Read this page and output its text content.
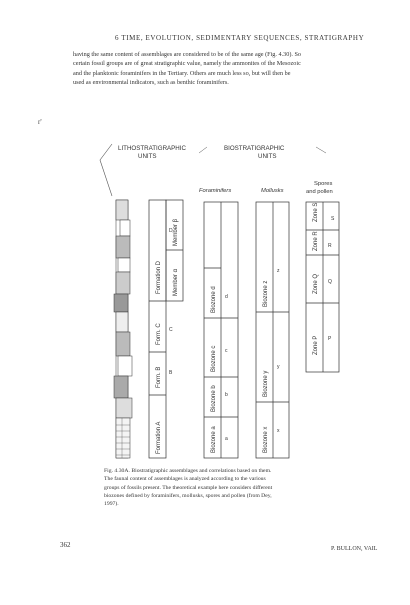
6 TIME, EVOLUTION, SEDIMENTARY SEQUENCES, STRATIGRAPHY
having the same content of assemblages are considered to be of the same age (Fig. 4.30). So
certain fossil groups are of great stratigraphic value, namely the ammonites of the Mesozoic
and the planktonic foraminifers in the Tertiary. Others are much less so, but will then be
used as environmental indicators, such as benthic foraminifers.
r'
LITHOSTRATIGRAPHIC
UNITS
BIOSTRATIGRAPHIC
UNITS
Foraminifers	Mollusks
Spores
and pollen
Formation A
Form. B B
Form. C C
Formation D
D
Member α
Member β
Biozone a a
Biozone b b
Biozone c c
Biozone d d
Biozone x x
Biozone y
y
Biozone z
z
Zone P P
Zone Q Q
Zone R R
Zone S S
Fig. 4.30A. Biostratigraphic assemblages and correlations based on them.
The faunal content of assemblages is analyzed according to the various
groups of fossils present. The theoretical example here considers different
biozones defined by foraminifers, mollusks, spores and pollen (from Dey,
1997).
362	P. BULLON, VAIL
